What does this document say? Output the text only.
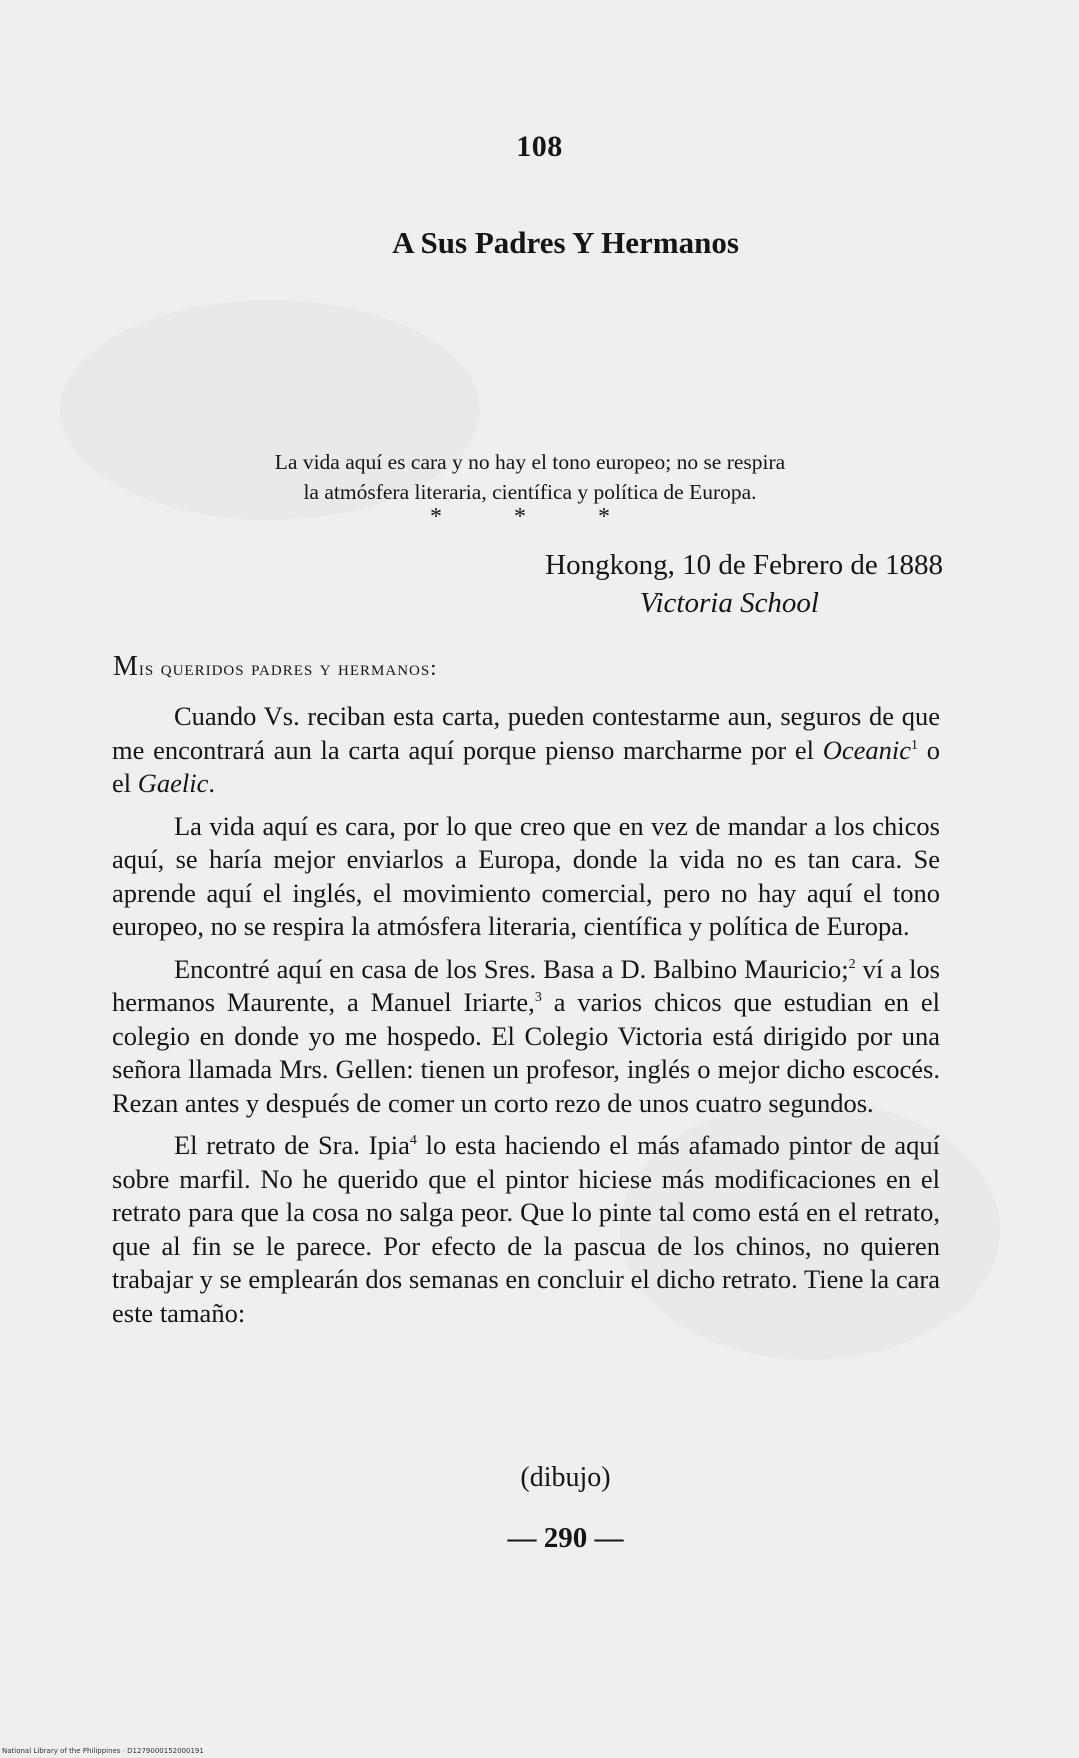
108
A Sus Padres Y Hermanos
La vida aquí es cara y no hay el tono europeo; no se respira
la atmósfera literaria, científica y política de Europa.
*	*	*
Hongkong, 10 de Febrero de 1888
Victoria School
Mis queridos padres y hermanos:

Cuando Vs. reciban esta carta, pueden contestarme aun, seguros de que me encontrará aun la carta aquí porque pienso marcharme por el Oceanic$^1$ o el Gaelic.

La vida aquí es cara, por lo que creo que en vez de mandar a los chicos aquí, se haría mejor enviarlos a Europa, donde la vida no es tan cara. Se aprende aquí el inglés, el movimiento comercial, pero no hay aquí el tono europeo, no se respira la atmósfera literaria, científica y política de Europa.

Encontré aquí en casa de los Sres. Basa a D. Balbino Mauricio;$^2$ ví a los hermanos Maurente, a Manuel Iriarte,$^3$ a varios chicos que estudian en el colegio en donde yo me hospedo. El Colegio Victoria está dirigido por una señora llamada Mrs. Gellen: tienen un profesor, inglés o mejor dicho escocés. Rezan antes y después de comer un corto rezo de unos cuatro segundos.

El retrato de Sra. Ipia$^4$ lo esta haciendo el más afamado pintor de aquí sobre marfil. No he querido que el pintor hiciese más modificaciones en el retrato para que la cosa no salga peor. Que lo pinte tal como está en el retrato, que al fin se le parece. Por efecto de la pascua de los chinos, no quieren trabajar y se emplearán dos semanas en concluir el dicho retrato. Tiene la cara este tamaño:

(dibujo)
— 290 —
National Library of the Philippines · D1279000152000191
